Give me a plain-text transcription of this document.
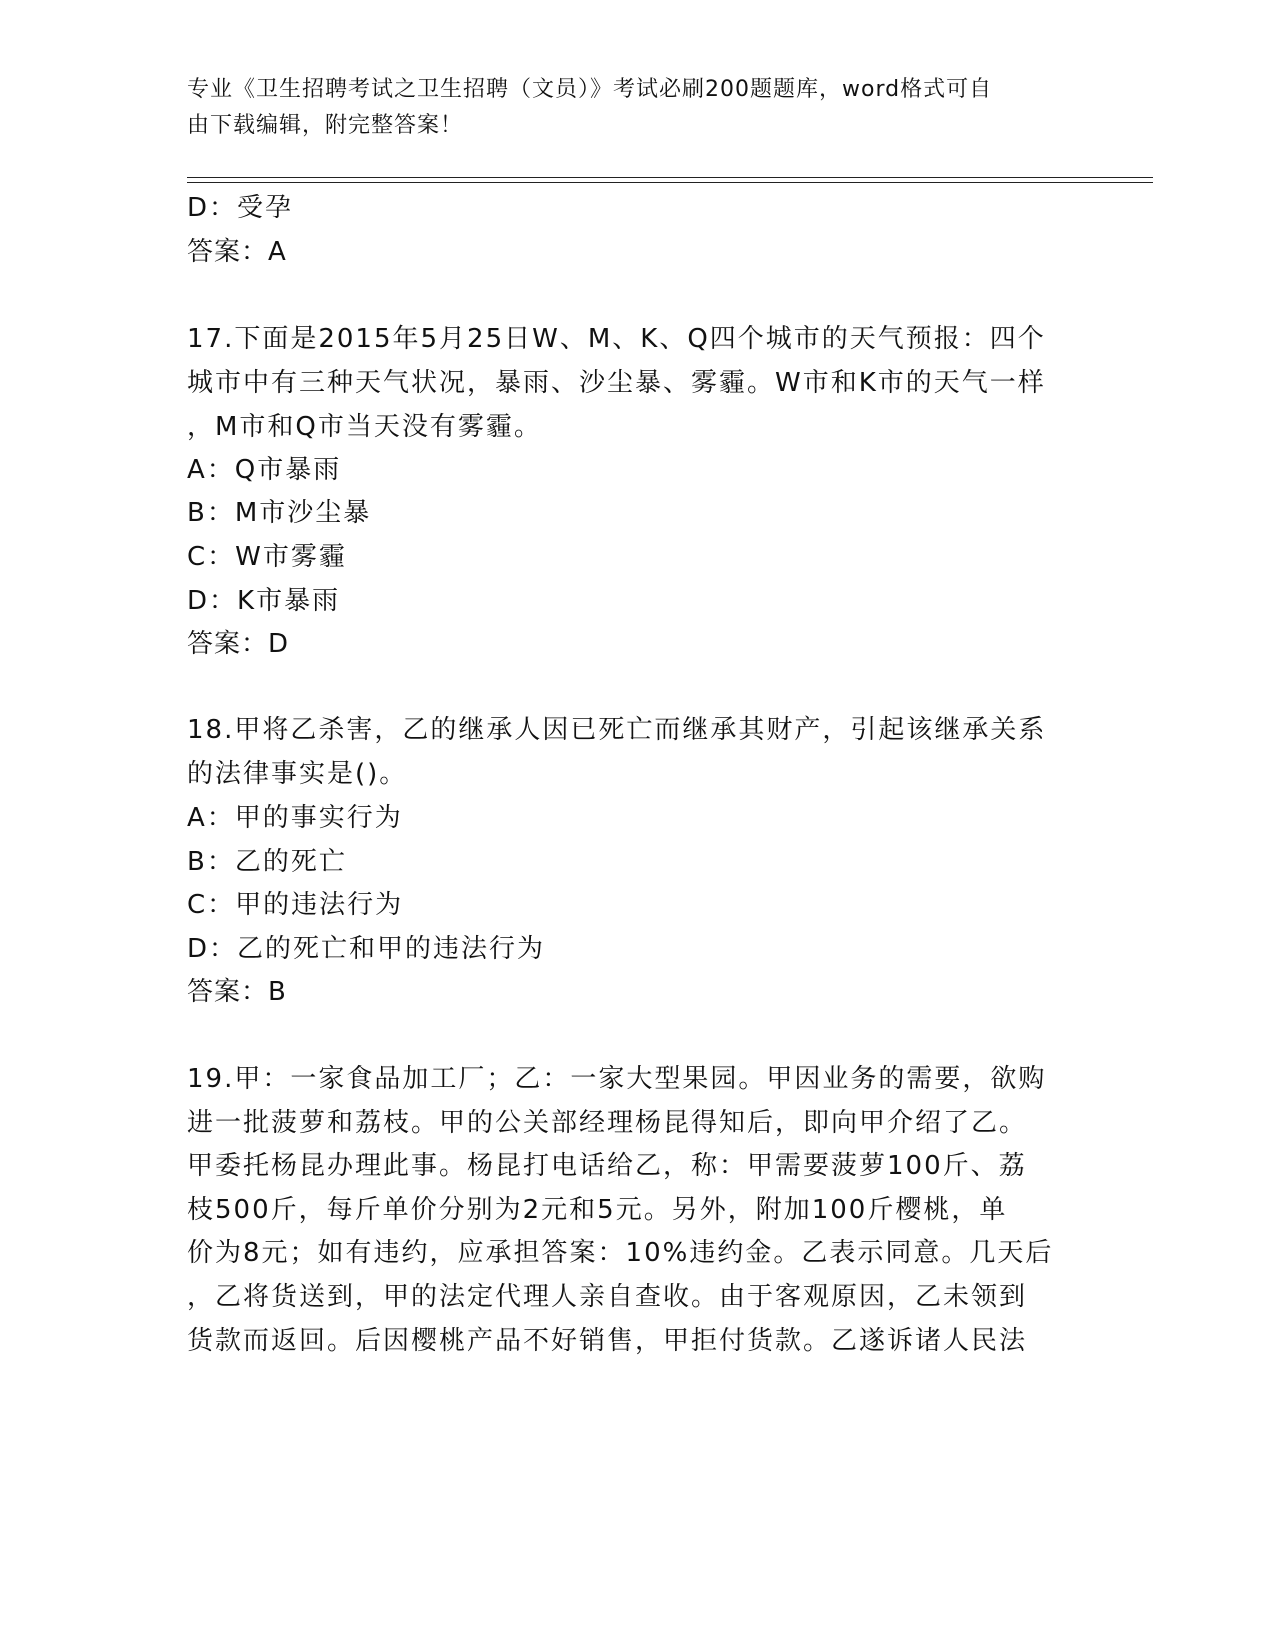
专业《卫生招聘考试之卫生招聘（文员）》考试必刷200题题库，word格式可自
由下载编辑，附完整答案！
D：受孕
答案：A
17.下面是2015年5月25日W、M、K、Q四个城市的天气预报：四个
城市中有三种天气状况，暴雨、沙尘暴、雾霾。W市和K市的天气一样
，M市和Q市当天没有雾霾。
A：Q市暴雨
B：M市沙尘暴
C：W市雾霾
D：K市暴雨
答案：D
18.甲将乙杀害，乙的继承人因已死亡而继承其财产，引起该继承关系
的法律事实是()。
A：甲的事实行为
B：乙的死亡
C：甲的违法行为
D：乙的死亡和甲的违法行为
答案：B
19.甲：一家食品加工厂；乙：一家大型果园。甲因业务的需要，欲购
进一批菠萝和荔枝。甲的公关部经理杨昆得知后，即向甲介绍了乙。
甲委托杨昆办理此事。杨昆打电话给乙，称：甲需要菠萝100斤、荔
枝500斤，每斤单价分别为2元和5元。另外，附加100斤樱桃，单
价为8元；如有违约，应承担答案：10%违约金。乙表示同意。几天后
，乙将货送到，甲的法定代理人亲自查收。由于客观原因，乙未领到
货款而返回。后因樱桃产品不好销售，甲拒付货款。乙遂诉诸人民法
